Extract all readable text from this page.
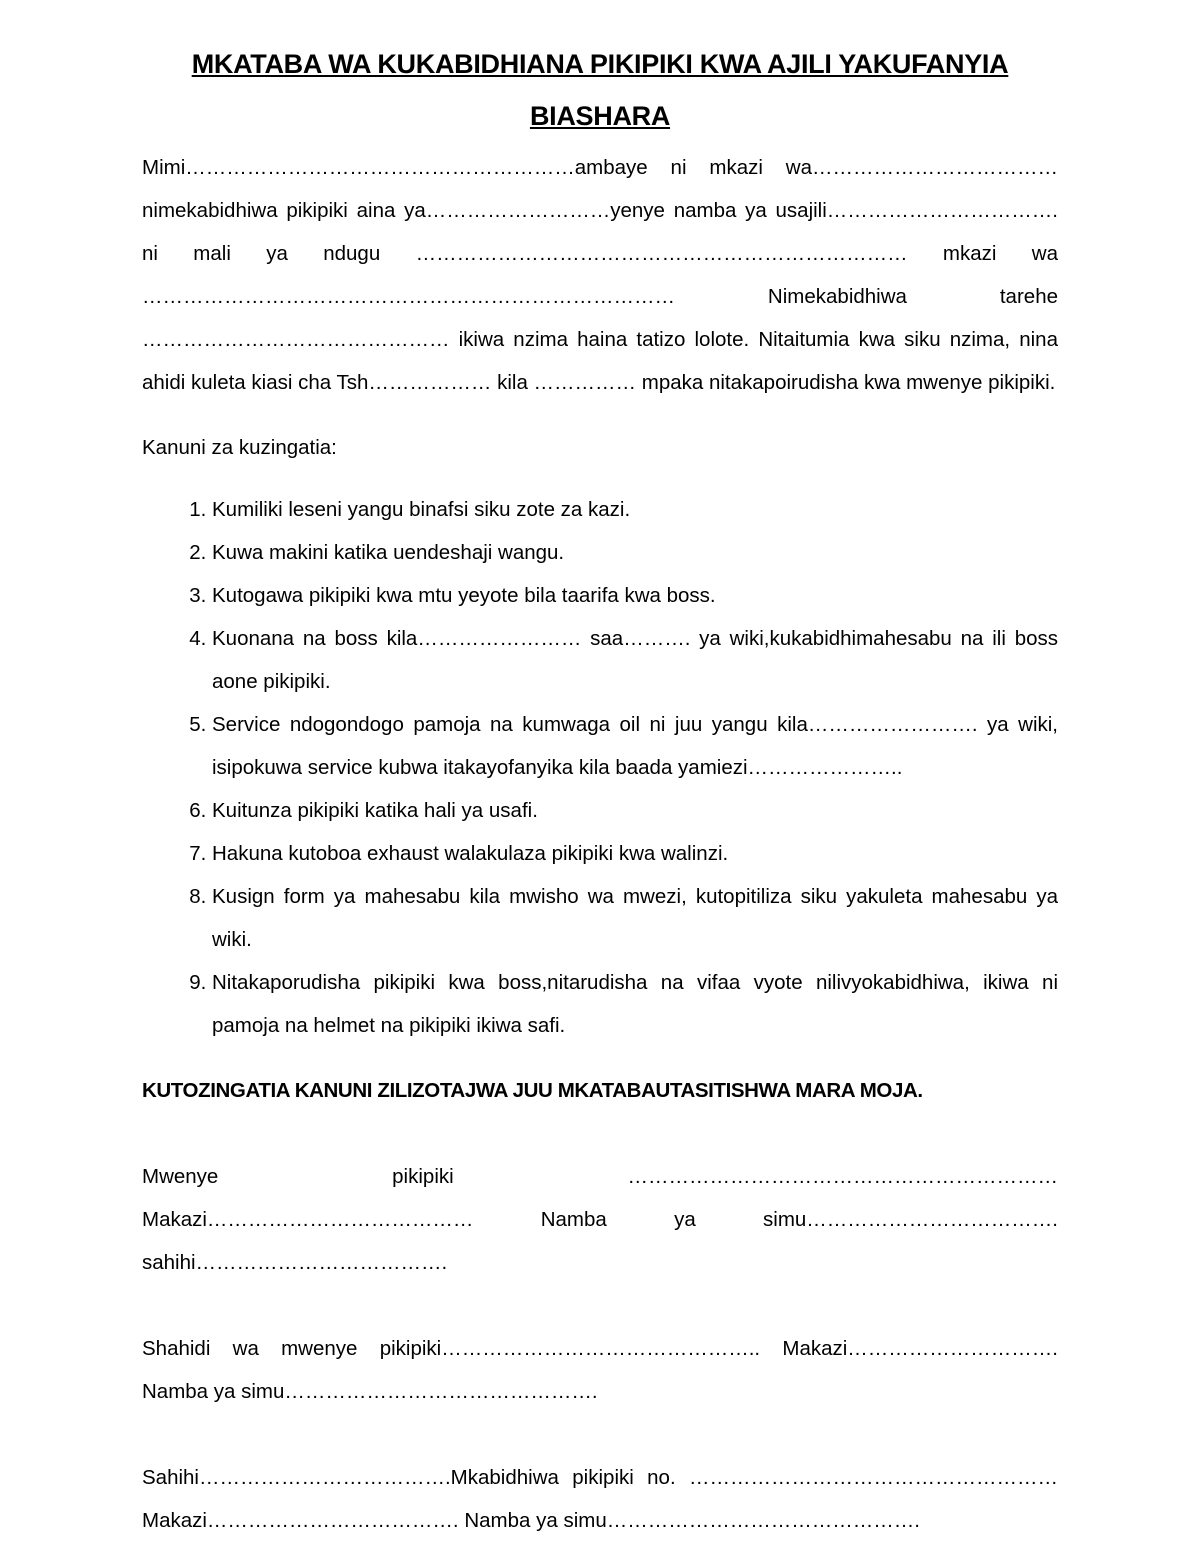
MKATABA WA KUKABIDHIANA PIKIPIKI KWA AJILI YAKUFANYIA
BIASHARA

Mimi…………………………………………………ambaye ni mkazi wa……………………………… nimekabidhiwa pikipiki aina ya………………………yenye namba ya usajili……………………………. ni mali ya ndugu ……………………………………………………………… mkazi wa …………………………………………………………………… Nimekabidhiwa tarehe ……………………………………… ikiwa nzima haina tatizo lolote. Nitaitumia kwa siku nzima, nina ahidi kuleta kiasi cha Tsh……………… kila …………… mpaka nitakapoirudisha kwa mwenye pikipiki.

Kanuni za kuzingatia:

1. Kumiliki leseni yangu binafsi siku zote za kazi.
2. Kuwa makini katika uendeshaji wangu.
3. Kutogawa pikipiki kwa mtu yeyote bila taarifa kwa boss.
4. Kuonana na boss kila…………………… saa………. ya wiki,kukabidhimahesabu na ili boss aone pikipiki.
5. Service ndogondogo pamoja na kumwaga oil ni juu yangu kila……………………. ya wiki, isipokuwa service kubwa itakayofanyika kila baada yamiezi…………………..
6. Kuitunza pikipiki katika hali ya usafi.
7. Hakuna kutoboa exhaust walakulaza pikipiki kwa walinzi.
8. Kusign form ya mahesabu kila mwisho wa mwezi, kutopitiliza siku yakuleta mahesabu ya wiki.
9. Nitakaporudisha pikipiki kwa boss,nitarudisha na vifaa vyote nilivyokabidhiwa, ikiwa ni pamoja na helmet na pikipiki ikiwa safi.

KUTOZINGATIA KANUNI ZILIZOTAJWA JUU MKATABAUTASITISHWA MARA MOJA.

Mwenye pikipiki ……………………………………………………… Makazi………………………………… Namba ya simu………………………………. sahihi……………………………….

Shahidi wa mwenye pikipiki……………………………………….. Makazi…………………………. Namba ya simu……………………………………….

Sahihi……………………………….Mkabidhiwa pikipiki no. ……………………………………………… Makazi………………………………. Namba ya simu……………………………………….
